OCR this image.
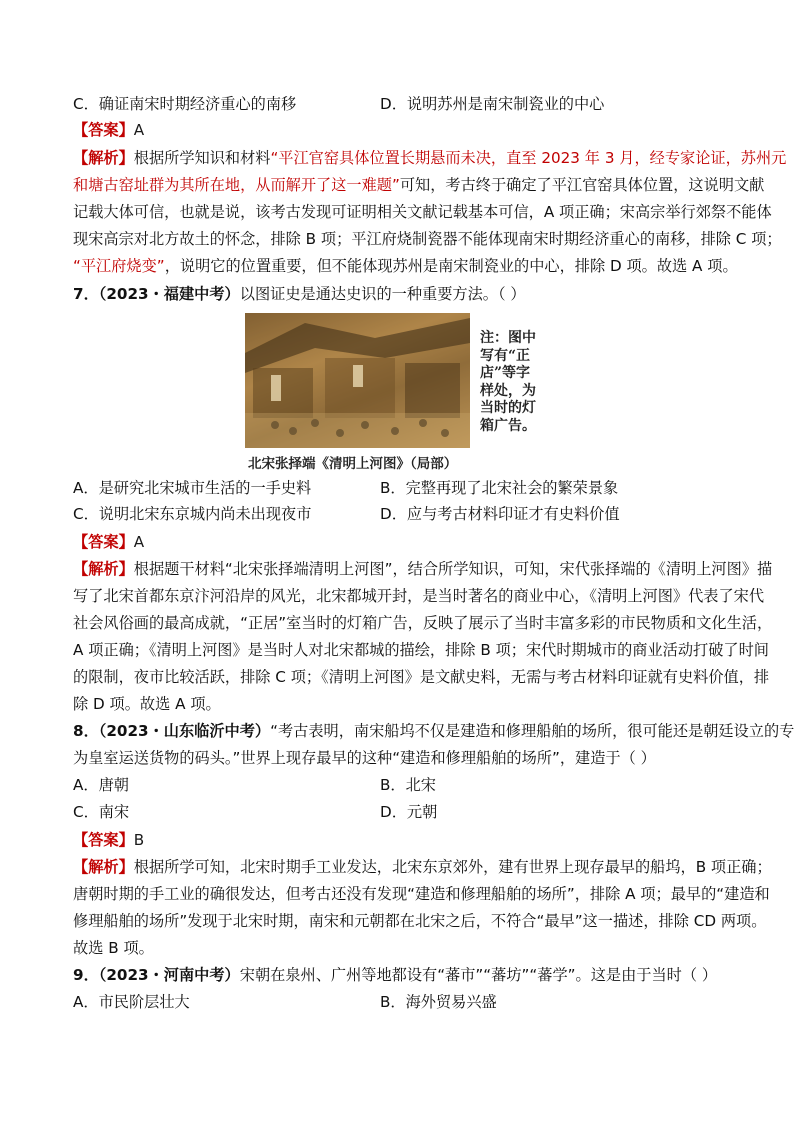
C．确证南宋时期经济重心的南移	D．说明苏州是南宋制瓷业的中心
【答案】A
【解析】根据所学知识和材料“平江官窑具体位置长期悬而未决，直至 2023 年 3 月，经专家论证，苏州元
和塘古窑址群为其所在地，从而解开了这一难题”可知，考古终于确定了平江官窑具体位置，这说明文献
记载大体可信，也就是说，该考古发现可证明相关文献记载基本可信，A 项正确；宋高宗举行郊祭不能体
现宋高宗对北方故土的怀念，排除 B 项；平江府烧制瓷器不能体现南宋时期经济重心的南移，排除 C 项；
“平江府烧变”，说明它的位置重要，但不能体现苏州是南宋制瓷业的中心，排除 D 项。故选 A 项。
7．（2023・福建中考）以图证史是通达史识的一种重要方法。（ ）
注：图中
写有“正
店”等字
样处，为
当时的灯
箱广告。
北宋张择端《清明上河图》（局部）
A．是研究北宋城市生活的一手史料	B．完整再现了北宋社会的繁荣景象
C．说明北宋东京城内尚未出现夜市	D．应与考古材料印证才有史料价值
【答案】A
【解析】根据题干材料“北宋张择端清明上河图”，结合所学知识，可知，宋代张择端的《清明上河图》描
写了北宋首都东京汴河沿岸的风光，北宋都城开封，是当时著名的商业中心，《清明上河图》代表了宋代
社会风俗画的最高成就，“正居”室当时的灯箱广告，反映了展示了当时丰富多彩的市民物质和文化生活，
A 项正确；《清明上河图》是当时人对北宋都城的描绘，排除 B 项；宋代时期城市的商业活动打破了时间
的限制，夜市比较活跃，排除 C 项；《清明上河图》是文献史料，无需与考古材料印证就有史料价值，排
除 D 项。故选 A 项。
8．（2023・山东临沂中考）“考古表明，南宋船坞不仅是建造和修理船舶的场所，很可能还是朝廷设立的专
为皇室运送货物的码头。”世界上现存最早的这种“建造和修理船舶的场所”，建造于（ ）
A．唐朝	B．北宋
C．南宋	D．元朝
【答案】B
【解析】根据所学可知，北宋时期手工业发达，北宋东京郊外，建有世界上现存最早的船坞，B 项正确；
唐朝时期的手工业的确很发达，但考古还没有发现“建造和修理船舶的场所”，排除 A 项；最早的“建造和
修理船舶的场所”发现于北宋时期，南宋和元朝都在北宋之后，不符合“最早”这一描述，排除 CD 两项。
故选 B 项。
9．（2023・河南中考）宋朝在泉州、广州等地都设有“蕃市”“蕃坊”“蕃学”。这是由于当时（ ）
A．市民阶层壮大	B．海外贸易兴盛
